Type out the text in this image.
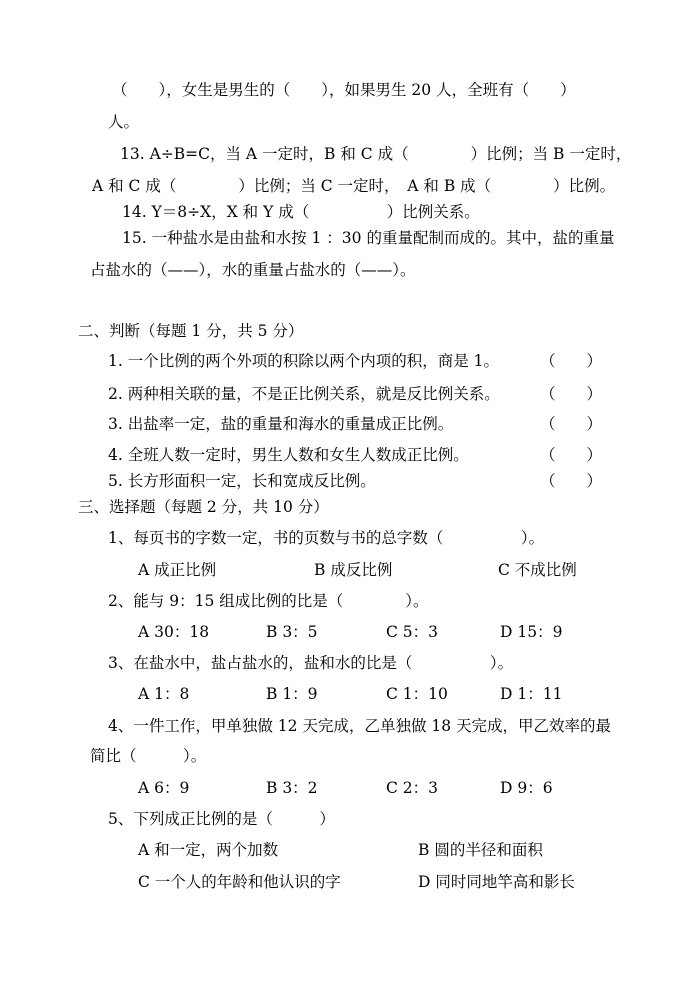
（　　），女生是男生的（　　），如果男生 20 人，全班有（　　）
人。
13. A÷B=C，当 A 一定时，B 和 C 成（　　　　）比例；当 B 一定时，
A 和 C 成（　　　　）比例；当 C 一定时，　A 和 B 成（　　　　）比例。
14. Y＝8÷X，X 和 Y 成（　　　　　）比例关系。
15. 一种盐水是由盐和水按 1 ：30 的重量配制而成的。其中，盐的重量
占盐水的（——），水的重量占盐水的（——）。
二、判断（每题 1 分，共 5 分）
1. 一个比例的两个外项的积除以两个内项的积，商是 1。	（　　）
2. 两种相关联的量，不是正比例关系，就是反比例关系。	（　　）
3. 出盐率一定，盐的重量和海水的重量成正比例。	（　　）
4. 全班人数一定时，男生人数和女生人数成正比例。	（　　）
5. 长方形面积一定，长和宽成反比例。	（　　）
三、选择题（每题 2 分，共 10 分）
1、每页书的字数一定，书的页数与书的总字数（　　　　　）。
A 成正比例	B 成反比例	C 不成比例
2、能与 9：15 组成比例的比是（　　　　）。
A 30：18	B 3：5	C 5：3	D 15：9
3、在盐水中，盐占盐水的，盐和水的比是（　　　　　）。
A 1：8	B 1：9	C 1：10	D 1：11
4、一件工作，甲单独做 12 天完成，乙单独做 18 天完成，甲乙效率的最
简比（　　　）。
A 6：9	B 3：2	C 2：3	D 9：6
5、下列成正比例的是（　　　）
A 和一定，两个加数	B 圆的半径和面积
C 一个人的年龄和他认识的字	D 同时同地竿高和影长
